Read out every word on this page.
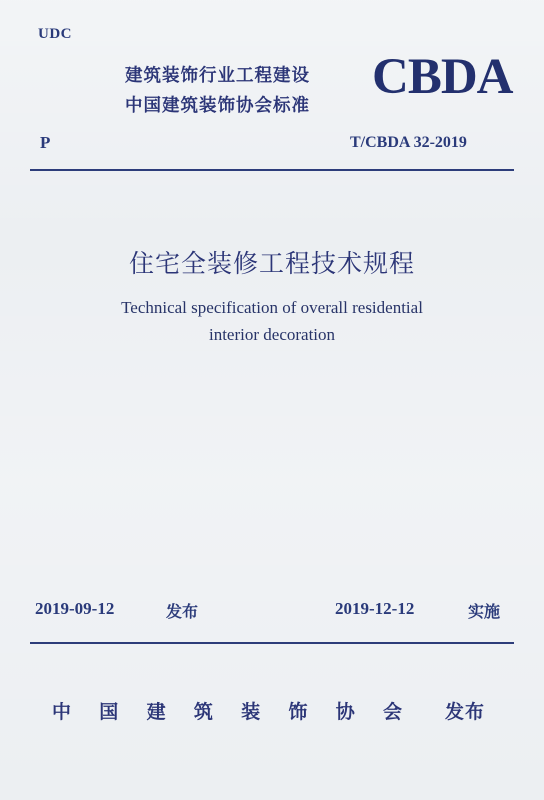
UDC
建筑装饰行业工程建设
中国建筑装饰协会标准
CBDA
P	T/CBDA 32-2019
住宅全装修工程技术规程
Technical specification of overall residential
interior decoration
2019-09-12	发布	2019-12-12	实施
中 国 建 筑 装 饰 协 会 发布
